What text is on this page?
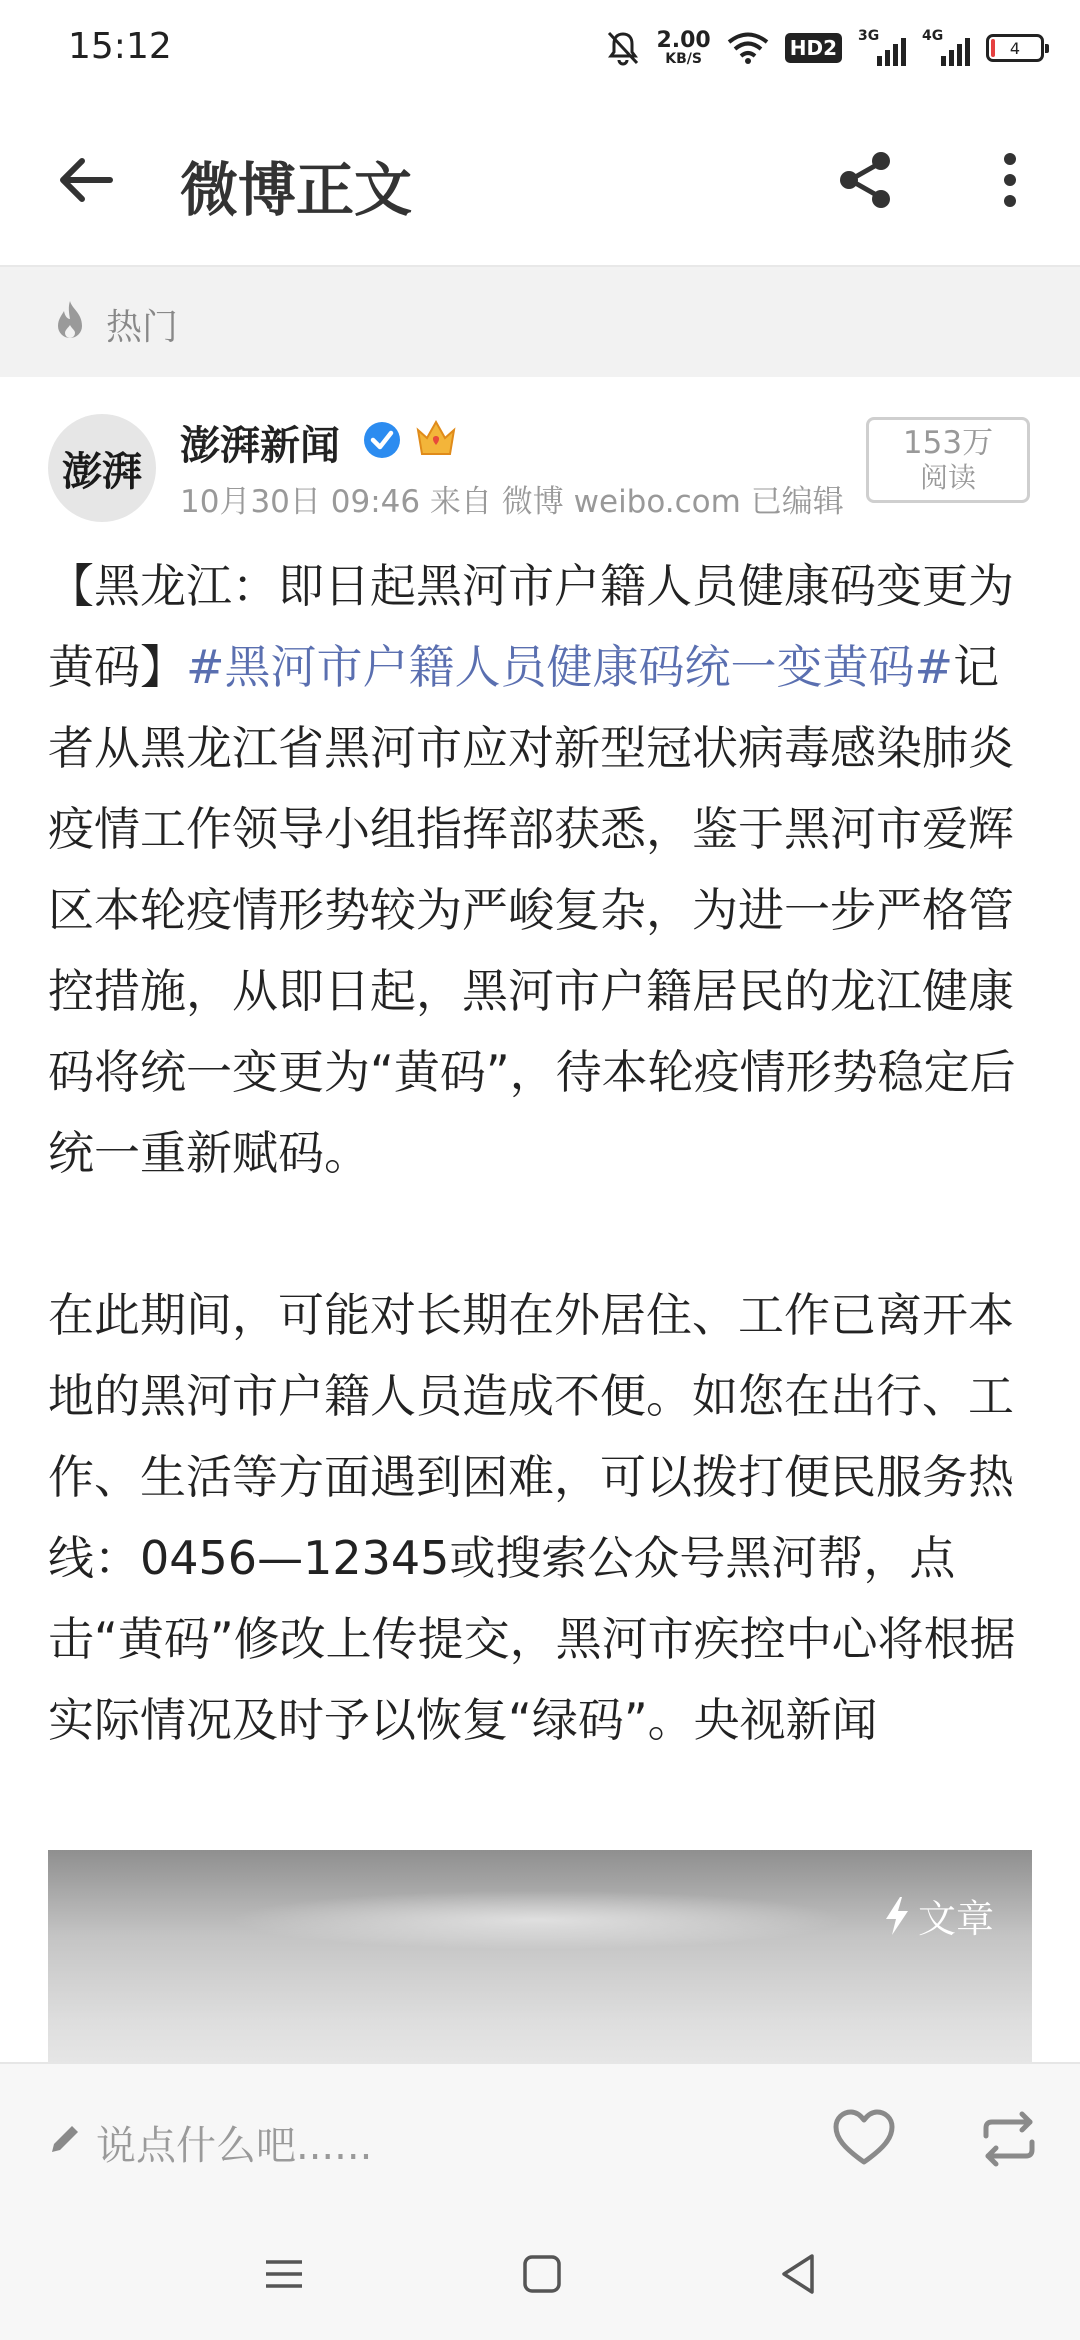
15:12	2.00
KB/S	HD2	3G	4G
4
微博正文
热门
澎湃
澎湃新闻
10月30日 09:46 来自 微博 weibo.com 已编辑
153万
阅读

【黑龙江：即日起黑河市户籍人员健康码变更为黄码】#黑河市户籍人员健康码统一变黄码#记者从黑龙江省黑河市应对新型冠状病毒感染肺炎疫情工作领导小组指挥部获悉，鉴于黑河市爱辉区本轮疫情形势较为严峻复杂，为进一步严格管控措施，从即日起，黑河市户籍居民的龙江健康码将统一变更为“黄码”，待本轮疫情形势稳定后统一重新赋码。

在此期间，可能对长期在外居住、工作已离开本地的黑河市户籍人员造成不便。如您在出行、工作、生活等方面遇到困难，可以拨打便民服务热线：0456—12345或搜索公众号黑河帮，点击“黄码”修改上传提交，黑河市疾控中心将根据实际情况及时予以恢复“绿码”。央视新闻

文章
说点什么吧......
